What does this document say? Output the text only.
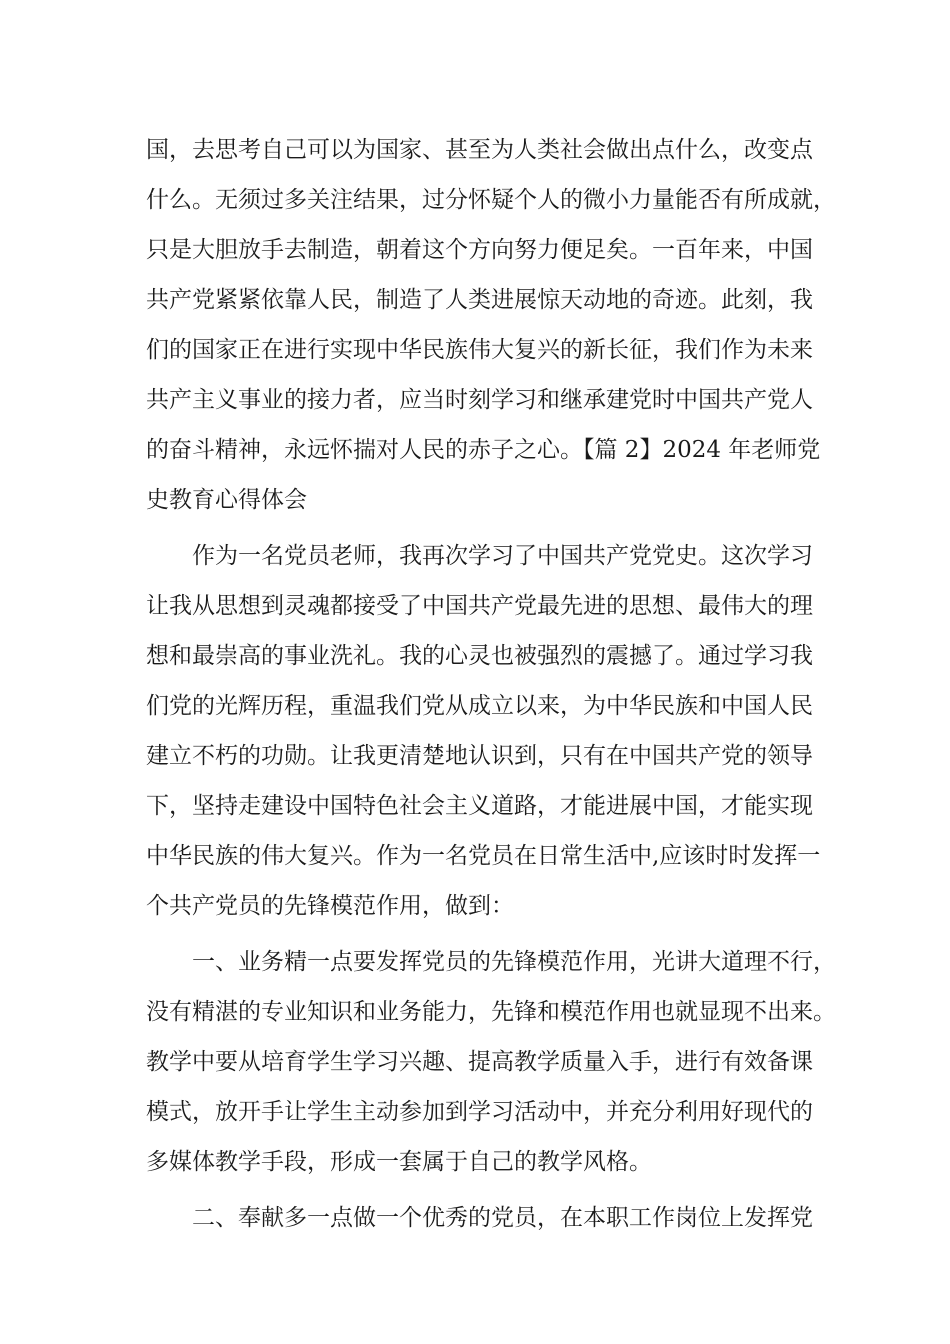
国，去思考自己可以为国家、甚至为人类社会做出点什么，改变点
什么。无须过多关注结果，过分怀疑个人的微小力量能否有所成就，
只是大胆放手去制造，朝着这个方向努力便足矣。一百年来，中国
共产党紧紧依靠人民，制造了人类进展惊天动地的奇迹。此刻，我
们的国家正在进行实现中华民族伟大复兴的新长征，我们作为未来
共产主义事业的接力者，应当时刻学习和继承建党时中国共产党人
的奋斗精神，永远怀揣对人民的赤子之心。【篇 2】2024 年老师党
史教育心得体会
作为一名党员老师，我再次学习了中国共产党党史。这次学习
让我从思想到灵魂都接受了中国共产党最先进的思想、最伟大的理
想和最崇高的事业洗礼。我的心灵也被强烈的震撼了。通过学习我
们党的光辉历程，重温我们党从成立以来，为中华民族和中国人民
建立不朽的功勋。让我更清楚地认识到，只有在中国共产党的领导
下，坚持走建设中国特色社会主义道路，才能进展中国，才能实现
中华民族的伟大复兴。作为一名党员在日常生活中,应该时时发挥一
个共产党员的先锋模范作用，做到：
一、业务精一点要发挥党员的先锋模范作用，光讲大道理不行，
没有精湛的专业知识和业务能力，先锋和模范作用也就显现不出来。
教学中要从培育学生学习兴趣、提高教学质量入手，进行有效备课
模式，放开手让学生主动参加到学习活动中，并充分利用好现代的
多媒体教学手段，形成一套属于自己的教学风格。
二、奉献多一点做一个优秀的党员，在本职工作岗位上发挥党
